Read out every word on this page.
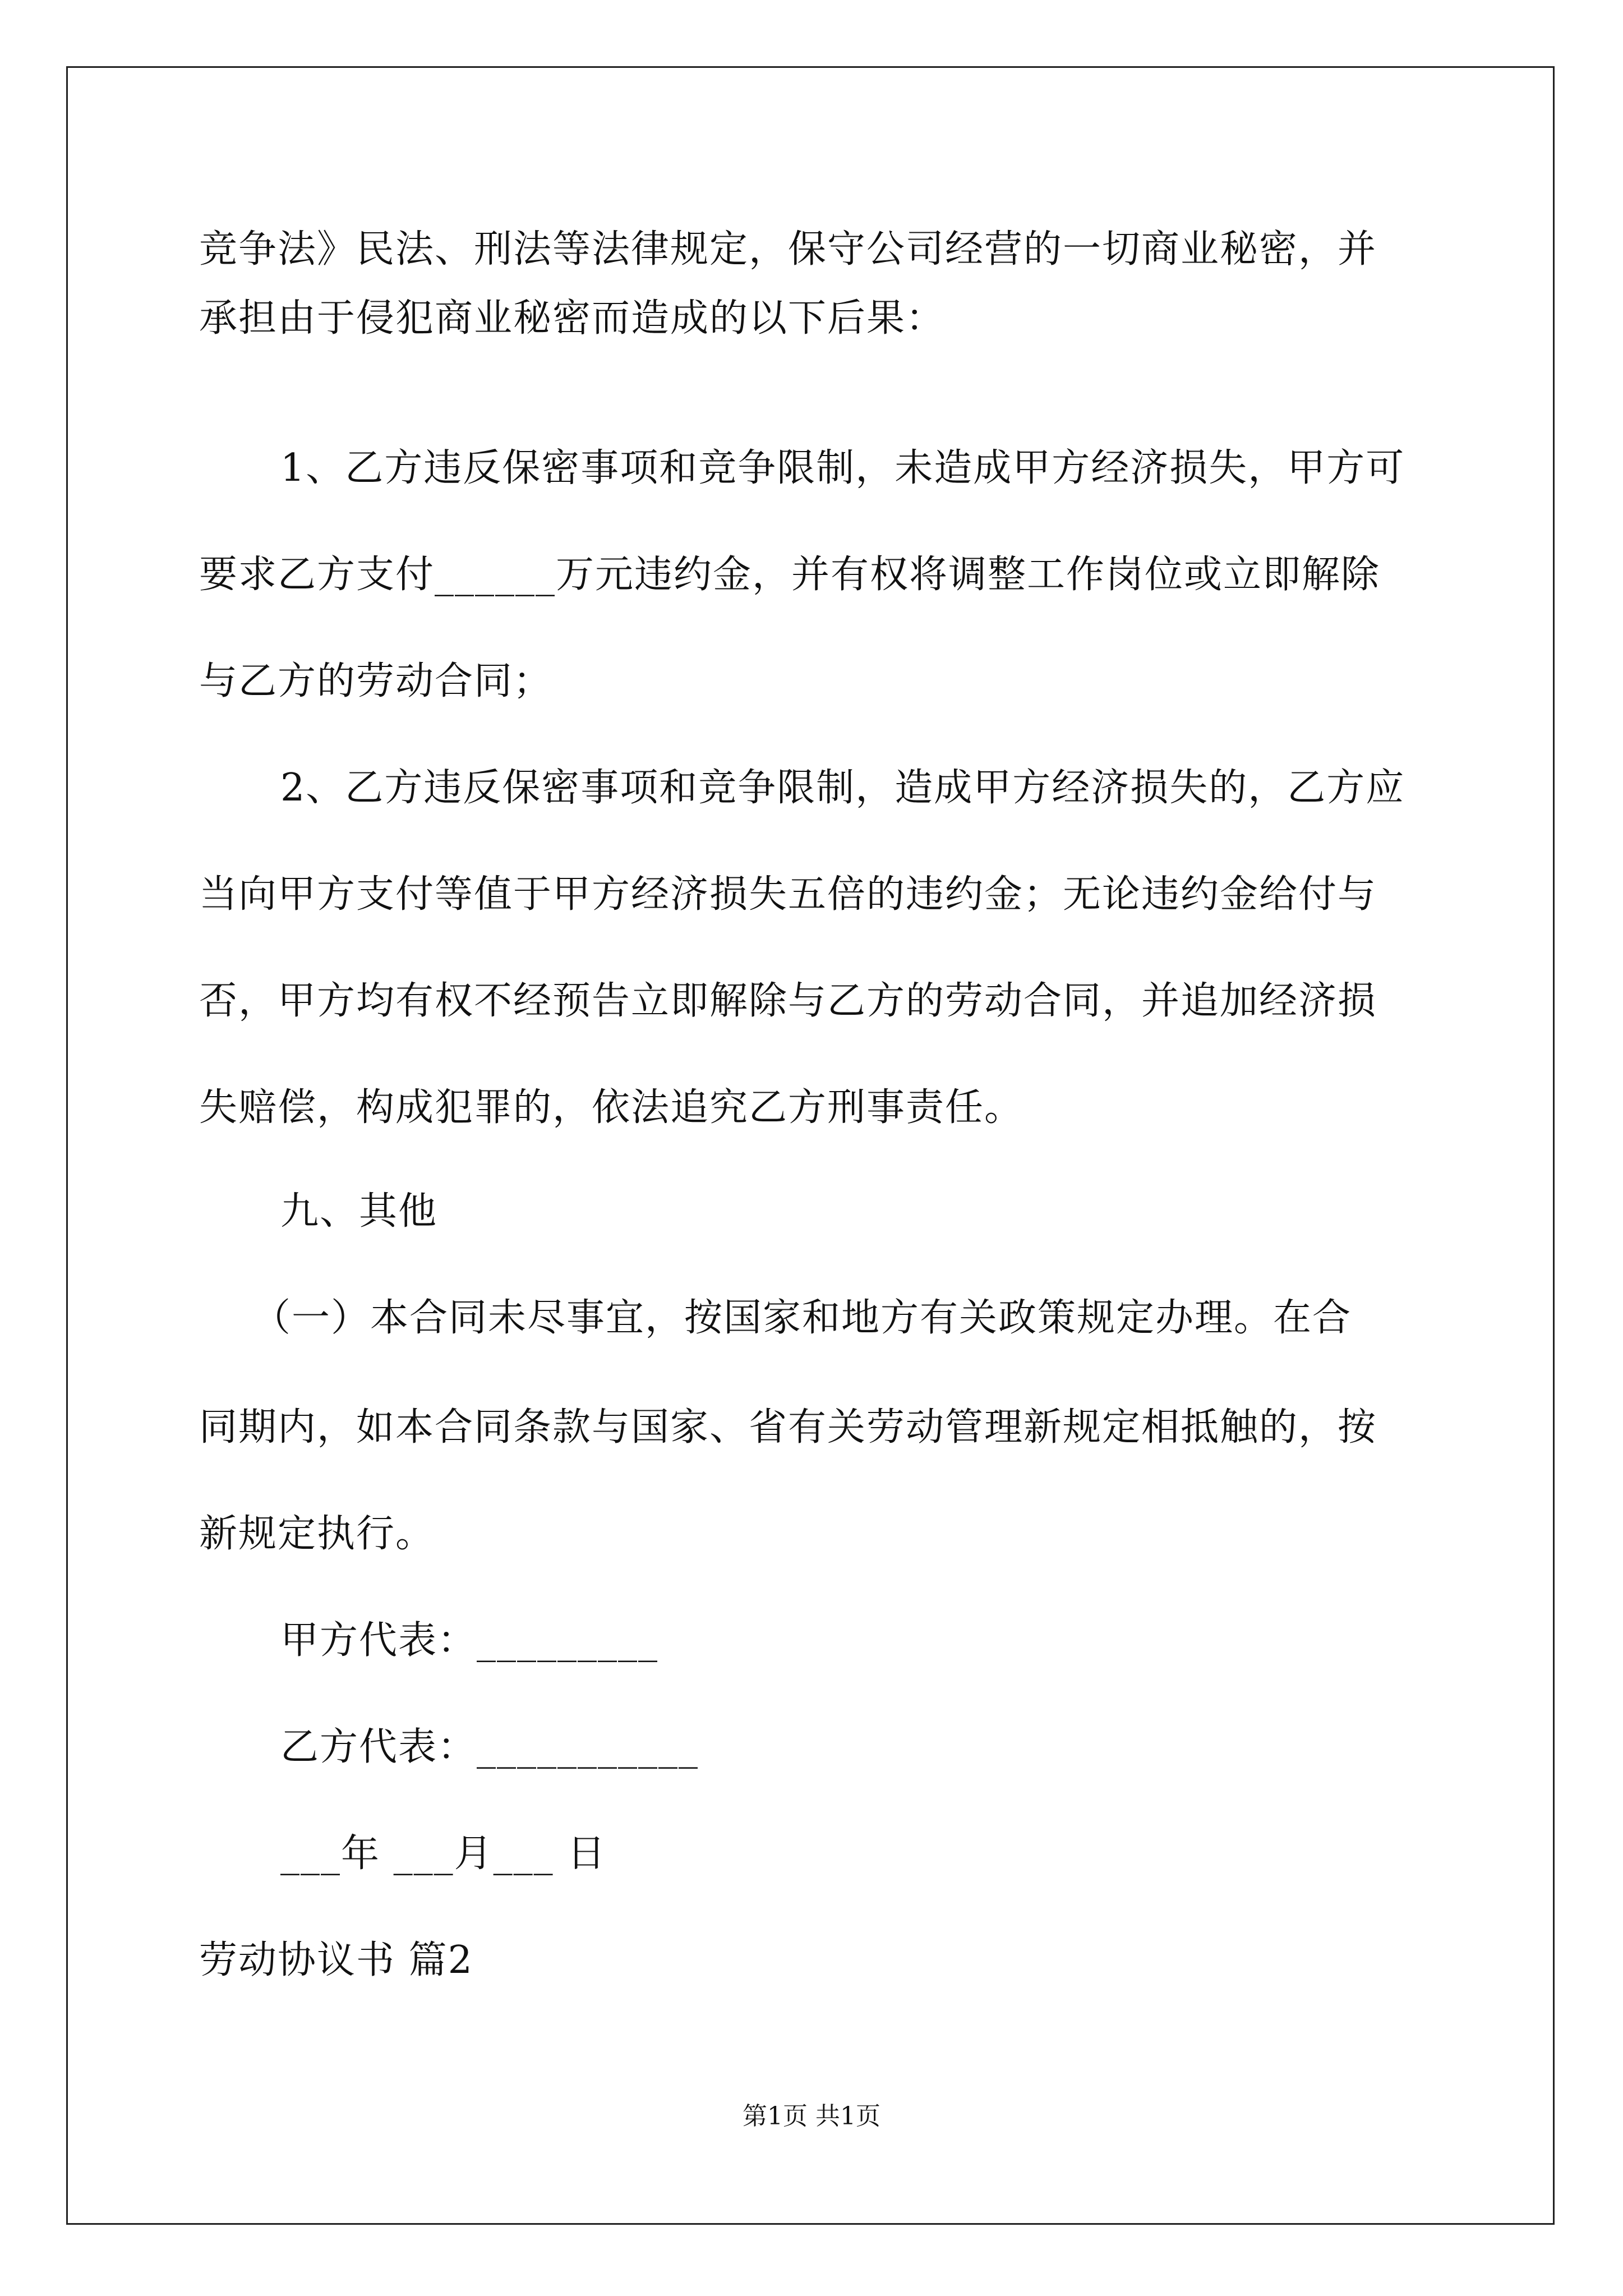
竞争法》民法、刑法等法律规定，保守公司经营的一切商业秘密，并
承担由于侵犯商业秘密而造成的以下后果：
1、乙方违反保密事项和竞争限制，未造成甲方经济损失，甲方可
要求乙方支付______万元违约金，并有权将调整工作岗位或立即解除
与乙方的劳动合同；
2、乙方违反保密事项和竞争限制，造成甲方经济损失的，乙方应
当向甲方支付等值于甲方经济损失五倍的违约金；无论违约金给付与
否，甲方均有权不经预告立即解除与乙方的劳动合同，并追加经济损
失赔偿，构成犯罪的，依法追究乙方刑事责任。
九、其他
（一）本合同未尽事宜，按国家和地方有关政策规定办理。在合
同期内，如本合同条款与国家、省有关劳动管理新规定相抵触的，按
新规定执行。
甲方代表：_________
乙方代表：___________
___年 ___月___ 日
劳动协议书 篇2
第1页 共1页
